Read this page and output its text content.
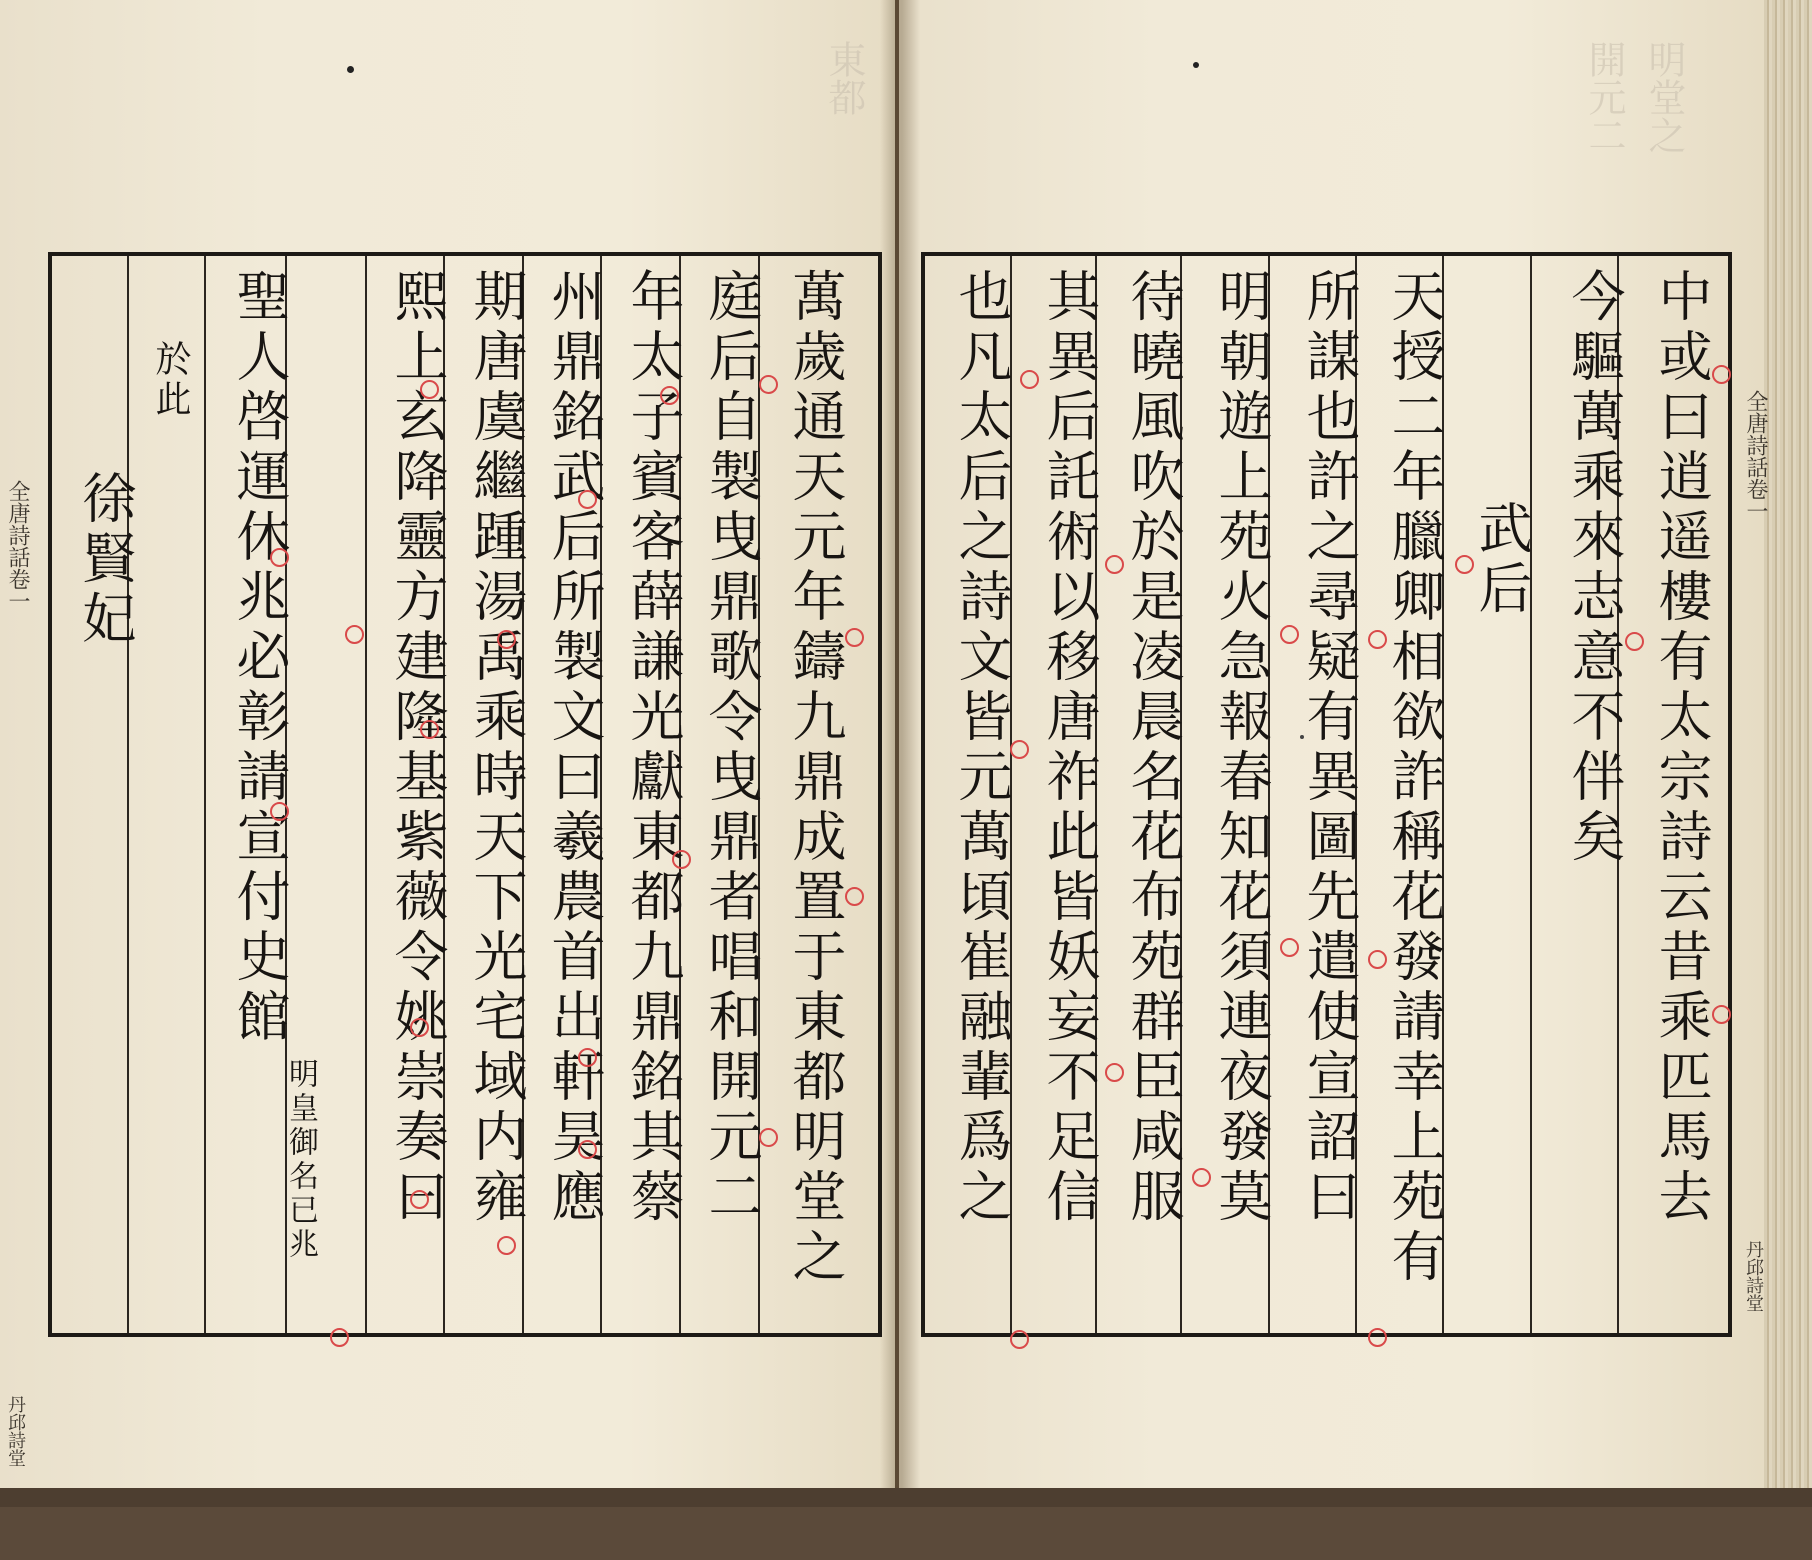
明堂之
開元二
東都
萬歲通天元年鑄九鼎成置于東都明堂之
庭后自製曳鼎歌令曳鼎者唱和開元二
年太子賓客薛謙光獻東都九鼎銘其蔡
州鼎銘武后所製文曰羲農首出軒昊應
期唐虞繼踵湯禹乘時天下光宅域内雍
熙上玄降靈方建隆基紫薇令姚崇奏曰
聖人啓運休兆必彰請宣付史館
明皇御名已兆
於此
徐賢妃	中或曰逍遥樓有太宗詩云昔乘匹馬去
今驅萬乘來志意不伴矣
武后
天授二年臘卿相欲詐稱花發請幸上苑有
所謀也許之尋疑有異圖先遣使宣詔曰
明朝遊上苑火急報春知花須連夜發莫
待曉風吹於是凌晨名花布苑群臣咸服
其異后託術以移唐祚此皆妖妄不足信
也凡太后之詩文皆元萬頃崔融輩爲之
全唐詩話卷一
丹邱詩堂
全唐詩話卷一
丹邱詩堂
